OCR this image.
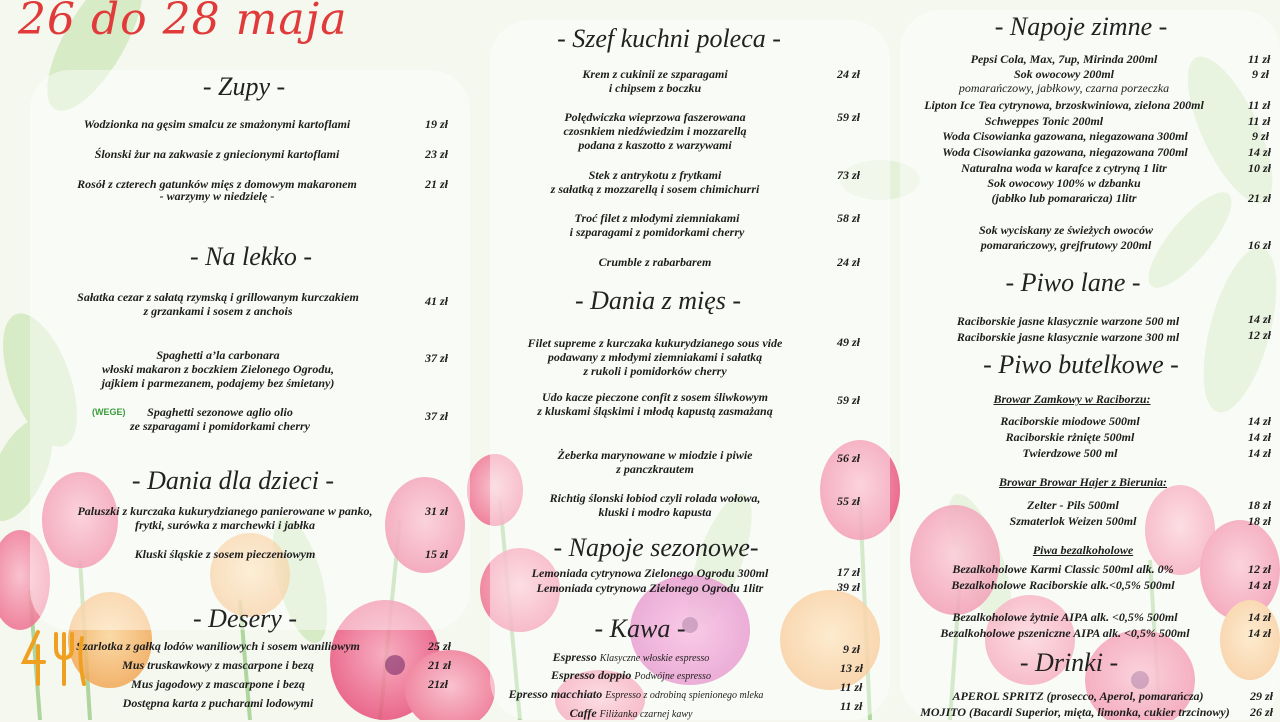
26 do 28 maja
- Zupy -
Wodzionka na gęsim smalcu ze smażonymi kartoflami	19 zł
Ślonski żur na zakwasie z gniecionymi kartoflami	23 zł
Rosół z czterech gatunków mięs z domowym makaronem
- warzymy w niedzielę -
21 zł
- Na lekko -
Sałatka cezar z sałatą rzymską i grillowanym kurczakiem
z grzankami i sosem z anchois
41 zł
Spaghetti a’la carbonara
włoski makaron z boczkiem Zielonego Ogrodu,
jajkiem i parmezanem, podajemy bez śmietany)
37 zł
(WEGE) Spaghetti sezonowe aglio olio
ze szparagami i pomidorkami cherry
37 zł
- Dania dla dzieci -
Paluszki z kurczaka kukurydzianego panierowane w panko,
frytki, surówka z marchewki i jabłka
31 zł
Kluski śląskie z sosem pieczeniowym	15 zł
- Desery -
Szarlotka z gałką lodów waniliowych i sosem waniliowym	25 zł
Mus truskawkowy z mascarpone i bezą	21 zł
Mus jagodowy z mascarpone i bezą	21zł
Dostępna karta z pucharami lodowymi
- Szef kuchni poleca -
Krem z cukinii ze szparagami
i chipsem z boczku
24 zł
Polędwiczka wieprzowa faszerowana
czosnkiem niedźwiedzim i mozzarellą
podana z kaszotto z warzywami
59 zł
Stek z antrykotu z frytkami
z sałatką z mozzarellą i sosem chimichurri
73 zł
Troć filet z młodymi ziemniakami
i szparagami z pomidorkami cherry
58 zł
Crumble z rabarbarem	24 zł
- Dania z mięs -
Filet supreme z kurczaka kukurydzianego sous vide
podawany z młodymi ziemniakami i sałatką
z rukoli i pomidorków cherry
49 zł
Udo kacze pieczone confit z sosem śliwkowym
z kluskami śląskimi i młodą kapustą zasmażaną
59 zł
Żeberka marynowane w miodzie i piwie
z panczkrautem
56 zł
Richtig ślonski łobiod czyli rolada wołowa,
kluski i modro kapusta
55 zł
- Napoje sezonowe-
Lemoniada cytrynowa Zielonego Ogrodu 300ml	17 zł
Lemoniada cytrynowa Zielonego Ogrodu 1litr	39 zł
- Kawa -
Espresso Klasyczne włoskie espresso
9 zł
Espresso doppio Podwójne espresso
13 zł
Epresso macchiato Espresso z odrobiną spienionego mleka
11 zł
Caffe Filiżanka czarnej kawy
11 zł
- Napoje zimne -
Pepsi Cola, Max, 7up, Mirinda 200ml	11 zł
Sok owocowy 200ml
pomarańczowy, jabłkowy, czarna porzeczka
9 zł
Lipton Ice Tea cytrynowa, brzoskwiniowa, zielona 200ml	11 zł
Schweppes Tonic 200ml	11 zł
Woda Cisowianka gazowana, niegazowana 300ml	9 zł
Woda Cisowianka gazowana, niegazowana 700ml	14 zł
Naturalna woda w karafce z cytryną 1 litr	10 zł
Sok owocowy 100% w dzbanku
(jabłko lub pomarańcza) 1litr	21 zł
Sok wyciskany ze świeżych owoców
pomarańczowy, grejfrutowy 200ml	16 zł
- Piwo lane -
Raciborskie jasne klasycznie warzone 500 ml	14 zł
Raciborskie jasne klasycznie warzone 300 ml	12 zł
- Piwo butelkowe -
Browar Zamkowy w Raciborzu:
Raciborskie miodowe 500ml	14 zł
Raciborskie rżnięte 500ml	14 zł
Twierdzowe 500 ml	14 zł
Browar Browar Hajer z Bierunia:
Zelter - Pils 500ml	18 zł
Szmaterlok Weizen 500ml	18 zł
Piwa bezalkoholowe
Bezalkoholowe Karmi Classic 500ml alk. 0%	12 zł
Bezalkoholowe Raciborskie alk.<0,5% 500ml	14 zł
Bezalkoholowe żytnie AIPA alk. <0,5% 500ml	14 zł
Bezalkoholowe pszeniczne AIPA alk. <0,5% 500ml	14 zł
- Drinki -
APEROL SPRITZ (prosecco, Aperol, pomarańcza)	29 zł
MOJITO (Bacardi Superior, mięta, limonka, cukier trzcinowy) 26 zł
